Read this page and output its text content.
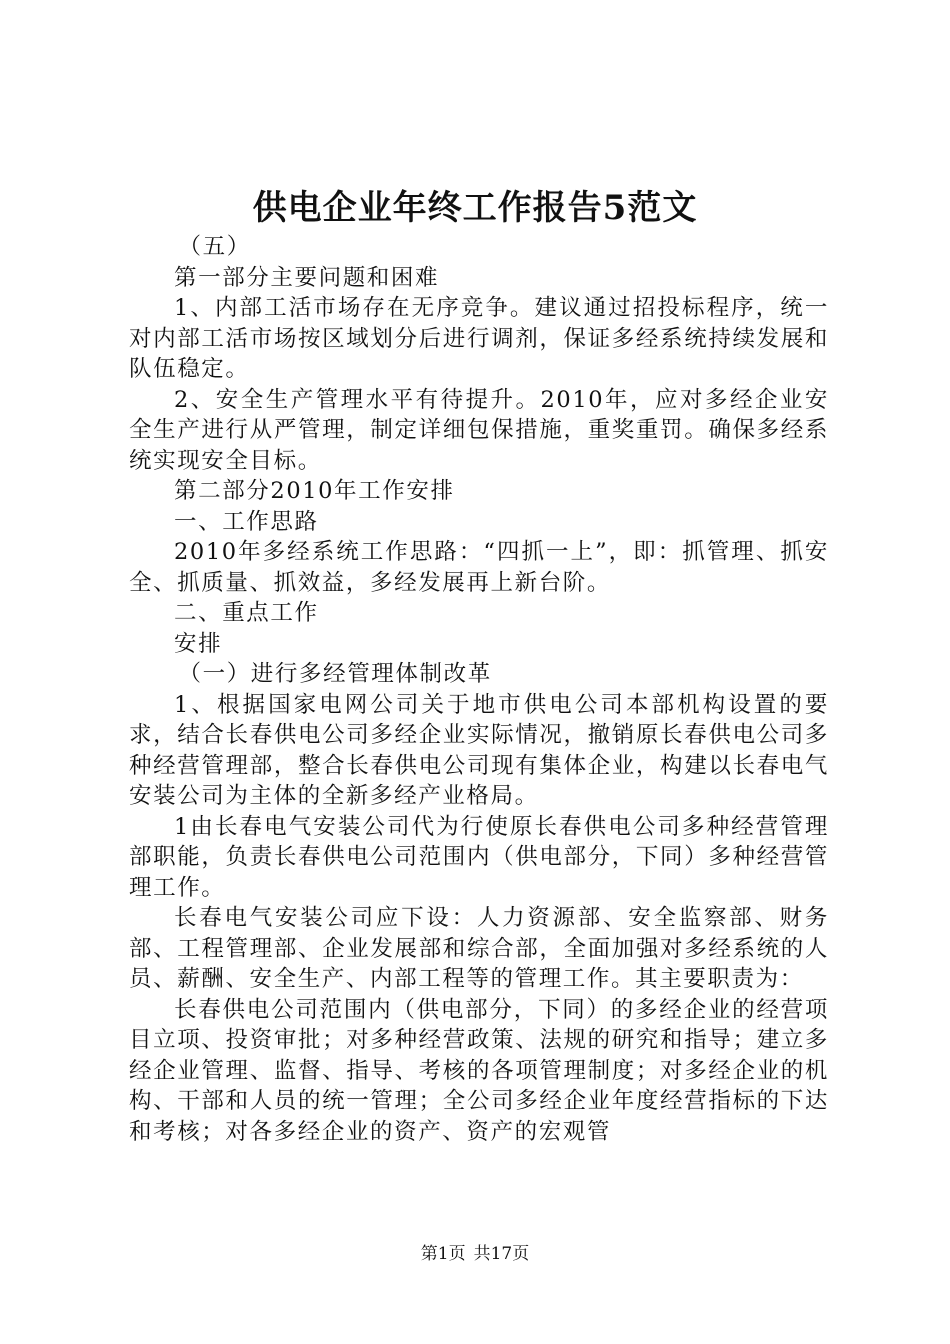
供电企业年终工作报告5范文

（五）

第一部分主要问题和困难

1、内部工活市场存在无序竞争。建议通过招投标程序，统一对内部工活市场按区域划分后进行调剂，保证多经系统持续发展和队伍稳定。

2、安全生产管理水平有待提升。2010年，应对多经企业安全生产进行从严管理，制定详细包保措施，重奖重罚。确保多经系统实现安全目标。

第二部分2010年工作安排

一、工作思路

2010年多经系统工作思路：“四抓一上”，即：抓管理、抓安全、抓质量、抓效益，多经发展再上新台阶。

二、重点工作

安排

（一）进行多经管理体制改革

1、根据国家电网公司关于地市供电公司本部机构设置的要求，结合长春供电公司多经企业实际情况，撤销原长春供电公司多种经营管理部，整合长春供电公司现有集体企业，构建以长春电气安装公司为主体的全新多经产业格局。

1由长春电气安装公司代为行使原长春供电公司多种经营管理部职能，负责长春供电公司范围内（供电部分，下同）多种经营管理工作。

长春电气安装公司应下设：人力资源部、安全监察部、财务部、工程管理部、企业发展部和综合部，全面加强对多经系统的人员、薪酬、安全生产、内部工程等的管理工作。其主要职责为：

长春供电公司范围内（供电部分，下同）的多经企业的经营项目立项、投资审批；对多种经营政策、法规的研究和指导；建立多经企业管理、监督、指导、考核的各项管理制度；对多经企业的机构、干部和人员的统一管理；全公司多经企业年度经营指标的下达和考核；对各多经企业的资产、资产的宏观管

第1页 共17页
